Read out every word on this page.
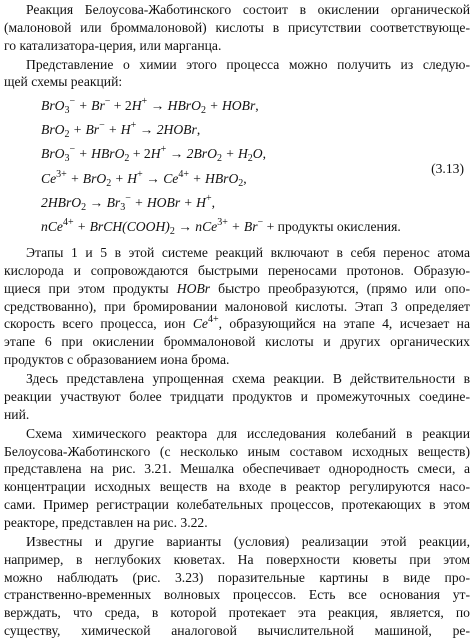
Реакция Белоусова-Жаботинского состоит в окислении органической
(малоновой или броммалоновой) кислоты в присутствии соответствующе-
го катализатора-церия, или марганца.
Представление о химии этого процесса можно получить из следую-
щей схемы реакций:
BrO$_3$− + Br− + 2H+ → HBrO$_2$ + HOBr,
BrO$_2$ + Br− + H+ → 2HOBr,
BrO$_3$− + HBrO$_2$ + $2H^+ \to 2BrO_2 + H_2O$,
$Ce^{3+} + BrO_2 + H^+ \to Ce^{4+}$ + HBrO$_2$,
2HBrO$_2$ → $Br_3^-$ + HOBr + H+,
$nCe^{4+} + BrCH(COOH)_2 \to nCe^{3+} + Br^-$ + продукты окисления.
(3.13)
Этапы 1 и 5 в этой системе реакций включают в себя перенос атома
кислорода и сопровождаются быстрыми переносами протонов. Образую-
щиеся при этом продукты HOBr быстро преобразуются, (прямо или опо-
средствованно), при бромировании малоновой кислоты. Этап 3 определяет
скорость всего процесса, ион $Ce^{4+}$, образующийся на этапе 4, исчезает на
этапе 6 при окислении броммалоновой кислоты и других органических
продуктов с образованием иона брома.
Здесь представлена упрощенная схема реакции. В действительности в
реакции участвуют более тридцати продуктов и промежуточных соедине-
ний.
Схема химического реактора для исследования колебаний в реакции
Белоусова-Жаботинского (с несколько иным составом исходных веществ)
представлена на рис. 3.21. Мешалка обеспечивает однородность смеси, а
концентрации исходных веществ на входе в реактор регулируются насо-
сами. Пример регистрации колебательных процессов, протекающих в этом
реакторе, представлен на рис. 3.22.
Известны и другие варианты (условия) реализации этой реакции,
например, в неглубоких кюветах. На поверхности кюветы при этом
можно наблюдать (рис. 3.23) поразительные картины в виде про-
странственно-временных волновых процессов. Есть все основания ут-
верждать, что среда, в которой протекает эта реакция, является, по
существу, химической аналоговой вычислительной машиной, ре-
